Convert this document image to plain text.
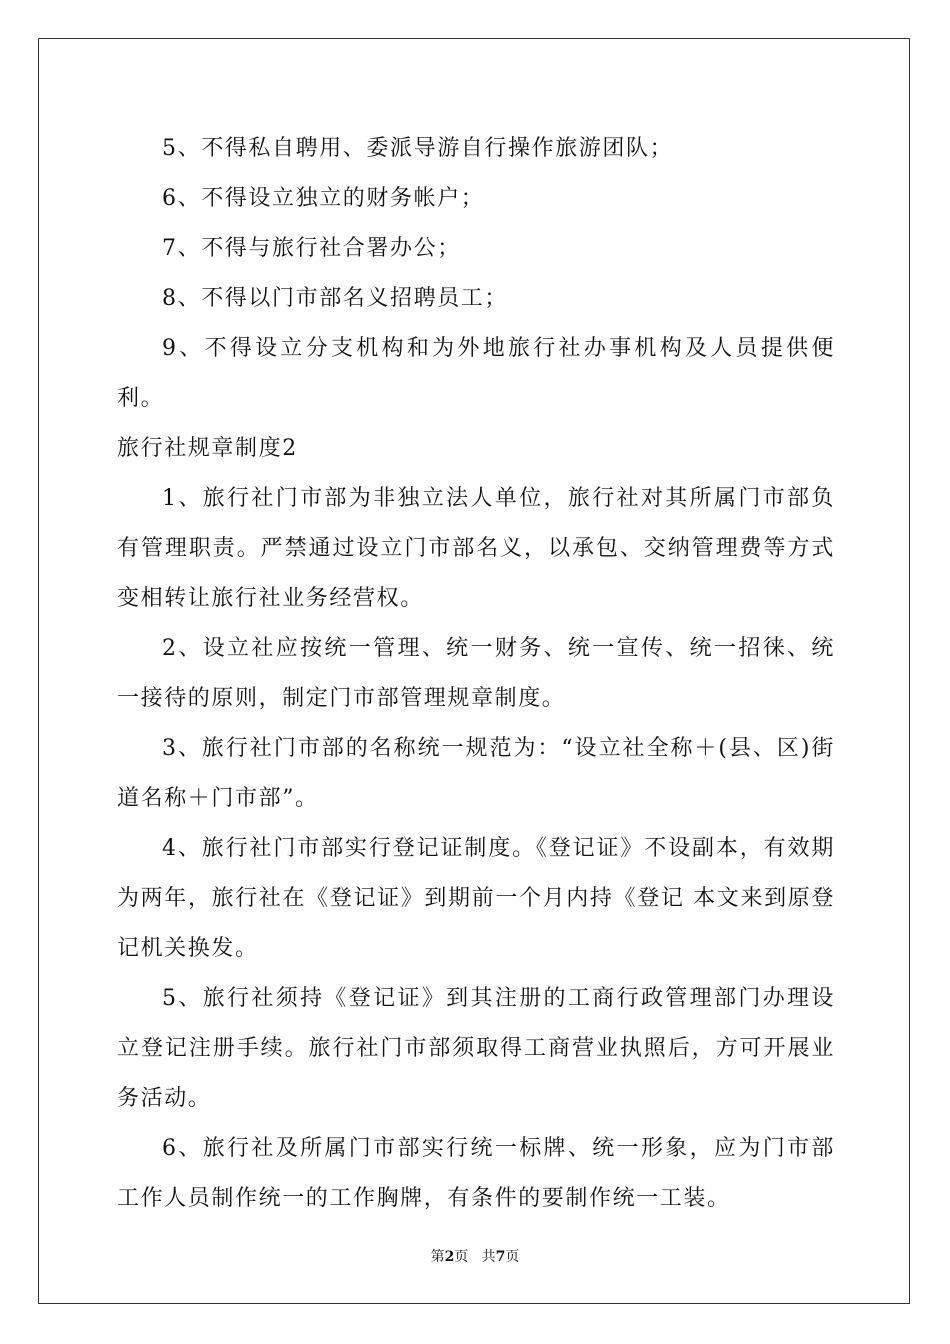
5、不得私自聘用、委派导游自行操作旅游团队；

6、不得设立独立的财务帐户；

7、不得与旅行社合署办公；

8、不得以门市部名义招聘员工；

9、不得设立分支机构和为外地旅行社办事机构及人员提供便利。

旅行社规章制度2

1、旅行社门市部为非独立法人单位，旅行社对其所属门市部负有管理职责。严禁通过设立门市部名义，以承包、交纳管理费等方式变相转让旅行社业务经营权。

2、设立社应按统一管理、统一财务、统一宣传、统一招徕、统一接待的原则，制定门市部管理规章制度。

3、旅行社门市部的名称统一规范为：“设立社全称＋(县、区)街道名称＋门市部”。

4、旅行社门市部实行登记证制度。《登记证》不设副本，有效期为两年，旅行社在《登记证》到期前一个月内持《登记 本文来到原登记机关换发。

5、旅行社须持《登记证》到其注册的工商行政管理部门办理设立登记注册手续。旅行社门市部须取得工商营业执照后，方可开展业务活动。

6、旅行社及所属门市部实行统一标牌、统一形象，应为门市部工作人员制作统一的工作胸牌，有条件的要制作统一工装。

第2页 共7页
